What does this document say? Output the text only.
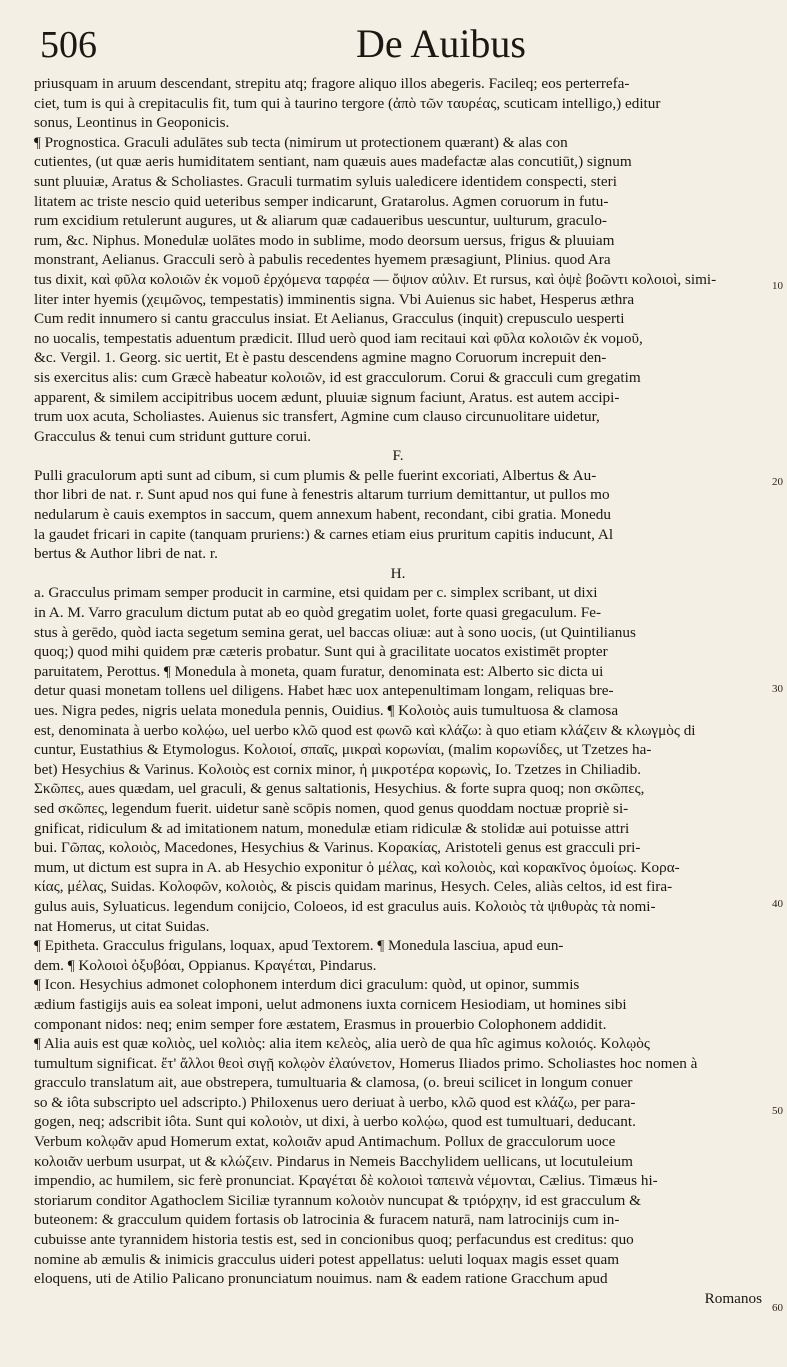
506	De Auibus
priusquam in aruum descendant, strepitu atq; fragore aliquo illos abegeris. Facileq; eos perterrefa-
ciet, tum is qui à crepitaculis fit, tum qui à taurino tergore (ἀπὸ τῶν ταυρέας, scuticam intelligo,) editur
sonus, Leontinus in Geoponicis.
¶ Prognostica. Graculi adulātes sub tecta (nimirum ut protectionem quærant) & alas con
cutientes, (ut quæ aeris humiditatem sentiant, nam quæuis aues madefactæ alas concutiūt,) signum
sunt pluuiæ, Aratus & Scholiastes. Graculi turmatim syluis ualedicere identidem conspecti, steri
litatem ac triste nescio quid ueteribus semper indicarunt, Gratarolus. Agmen coruorum in futu-
rum excidium retulerunt augures, ut & aliarum quæ cadaueribus uescuntur, uulturum, graculo-
rum, &c. Niphus. Monedulæ uolātes modo in sublime, modo deorsum uersus, frigus & pluuiam
monstrant, Aelianus. Gracculi serò à pabulis recedentes hyemem præsagiunt, Plinius. quod Ara
tus dixit, καὶ φῦλα κολοιῶν ἐκ νομοῦ ἐρχόμενα ταρφέα — ὄψιον αὐλιν. Et rursus, καὶ ὀψὲ βοῶντι κολοιοὶ, simi-
liter inter hyemis (χειμῶνος, tempestatis) imminentis signa. Vbi Auienus sic habet, Hesperus æthra
Cum redit innumero si cantu gracculus insiat. Et Aelianus, Gracculus (inquit) crepusculo uesperti
no uocalis, tempestatis aduentum prædicit. Illud uerò quod iam recitaui καὶ φῦλα κολοιῶν ἐκ νομοῦ,
&c. Vergil. 1. Georg. sic uertit, Et è pastu descendens agmine magno Coruorum increpuit den-
sis exercitus alis: cum Græcè habeatur κολοιῶν, id est gracculorum. Corui & gracculi cum gregatim
apparent, & similem accipitribus uocem ædunt, pluuiæ signum faciunt, Aratus. est autem accipi-
trum uox acuta, Scholiastes. Auienus sic transfert, Agmine cum clauso circunuolitare uidetur,
Gracculus & tenui cum stridunt gutture corui.
F.
Pulli graculorum apti sunt ad cibum, si cum plumis & pelle fuerint excoriati, Albertus & Au-
thor libri de nat. r. Sunt apud nos qui fune à fenestris altarum turrium demittantur, ut pullos mo
nedularum è cauis exemptos in saccum, quem annexum habent, recondant, cibi gratia. Monedu
la gaudet fricari in capite (tanquam pruriens:) & carnes etiam eius pruritum capitis inducunt, Al
bertus & Author libri de nat. r.
H.
a. Gracculus primam semper producit in carmine, etsi quidam per c. simplex scribant, ut dixi
in A. M. Varro graculum dictum putat ab eo quòd gregatim uolet, forte quasi gregaculum. Fe-
stus à gerēdo, quòd iacta segetum semina gerat, uel baccas oliuæ: aut à sono uocis, (ut Quintilianus
quoq;) quod mihi quidem præ cæteris probatur. Sunt qui à gracilitate uocatos existimēt propter
paruitatem, Perottus. ¶ Monedula à moneta, quam furatur, denominata est: Alberto sic dicta ui
detur quasi monetam tollens uel diligens. Habet hæc uox antepenultimam longam, reliquas bre-
ues. Nigra pedes, nigris uelata monedula pennis, Ouidius. ¶ Κολοιὸς auis tumultuosa & clamosa
est, denominata à uerbo κολῴω, uel uerbo κλῶ quod est φωνῶ καὶ κλάζω: à quo etiam κλάζειν & κλωγμὸς di
cuntur, Eustathius & Etymologus. Κολοιοί, σπαῖς, μικραὶ κορωνίαι, (malim κορωνίδες, ut Tzetzes ha-
bet) Hesychius & Varinus. Κολοιὸς est cornix minor, ἡ μικροτέρα κορωνὶς, Io. Tzetzes in Chiliadib.
Σκῶπες, aues quædam, uel graculi, & genus saltationis, Hesychius. & forte supra quoq; non σκῶπες,
sed σκῶπες, legendum fuerit. uidetur sanè scōpis nomen, quod genus quoddam noctuæ propriè si-
gnificat, ridiculum & ad imitationem natum, monedulæ etiam ridiculæ & stolidæ aui potuisse attri
bui. Γῶπας, κολοιὸς, Macedones, Hesychius & Varinus. Κορακίας, Aristoteli genus est gracculi pri-
mum, ut dictum est supra in A. ab Hesychio exponitur ὁ μέλας, καὶ κολοιὸς, καὶ κορακῖνος ὁμοίως. Κορα-
κίας, μέλας, Suidas. Κολοφῶν, κολοιὸς, & piscis quidam marinus, Hesych. Celes, aliàs celtos, id est fira-
gulus auis, Syluaticus. legendum conijcio, Coloeos, id est graculus auis. Κολοιὸς τὰ ψιθυρὰς τὰ nomi-
nat Homerus, ut citat Suidas.
¶ Epitheta. Gracculus frigulans, loquax, apud Textorem. ¶ Monedula lasciua, apud eun-
dem. ¶ Κολοιοὶ ὀξυβόαι, Oppianus. Κραγέται, Pindarus.
¶ Icon. Hesychius admonet colophonem interdum dici graculum: quòd, ut opinor, summis
ædium fastigijs auis ea soleat imponi, uelut admonens iuxta cornicem Hesiodiam, ut homines sibi
componant nidos: neq; enim semper fore æstatem, Erasmus in prouerbio Colophonem addidit.
¶ Alia auis est quæ κολιὸς, uel κολιὸς: alia item κελεὸς, alia uerò de qua hîc agimus κολοιός. Κολῳὸς
tumultum significat. ἔτ' ἄλλοι θεοὶ σιγῇ κολῳὸν ἐλαύνετον, Homerus Iliados primo. Scholiastes hoc nomen à
gracculo translatum ait, aue obstrepera, tumultuaria & clamosa, (o. breui scilicet in longum conuer
so & iôta subscripto uel adscripto.) Philoxenus uero deriuat à uerbo, κλῶ quod est κλάζω, per para-
gogen, neq; adscribit iôta. Sunt qui κολοιὸν, ut dixi, à uerbo κολῴω, quod est tumultuari, deducant.
Verbum κολῳᾶν apud Homerum extat, κολοιᾶν apud Antimachum. Pollux de gracculorum uoce
κολοιᾶν uerbum usurpat, ut & κλώζειν. Pindarus in Nemeis Bacchylidem uellicans, ut locutuleium
impendio, ac humilem, sic ferè pronunciat. Κραγέται δὲ κολοιοὶ ταπεινὰ νέμονται, Cælius. Timæus hi-
storiarum conditor Agathoclem Siciliæ tyrannum κολοιὸν nuncupat & τριόρχην, id est gracculum &
buteonem: & gracculum quidem fortasis ob latrocinia & furacem naturā, nam latrocinijs cum in-
cubuisse ante tyrannidem historia testis est, sed in concionibus quoq; perfacundus est creditus: quo
nomine ab æmulis & inimicis gracculus uideri potest appellatus: ueluti loquax magis esset quam
eloquens, uti de Atilio Palicano pronunciatum nouimus. nam & eadem ratione Gracchum apud
Romanos
10
20
30
40
50
60
